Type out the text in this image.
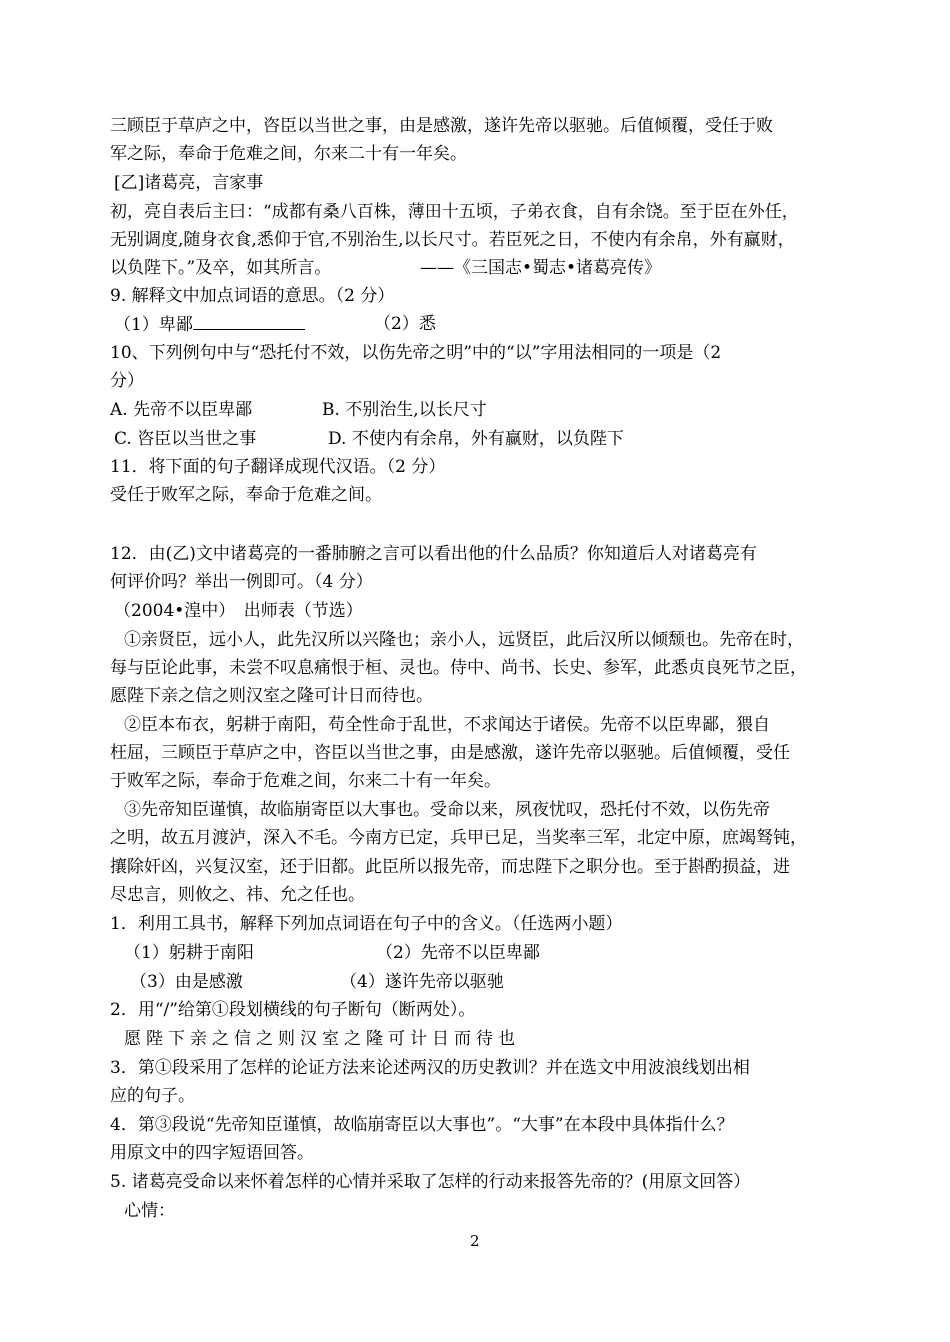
三顾臣于草庐之中，咨臣以当世之事，由是感激，遂许先帝以驱驰。后值倾覆，受任于败
军之际，奉命于危难之间，尔来二十有一年矣。
[乙]诸葛亮，言家事
初，亮自表后主曰：“成都有桑八百株，薄田十五顷，子弟衣食，自有余饶。至于臣在外任，
无别调度,随身衣食,悉仰于官,不别治生,以长尺寸。若臣死之日，不使内有余帛，外有赢财，
以负陛下。”及卒，如其所言。	——《三国志•蜀志•诸葛亮传》
9. 解释文中加点词语的意思。（2 分）
（1）卑鄙	（2）悉
10、下列例句中与“恐托付不效，以伤先帝之明”中的“以”字用法相同的一项是（2
分）
A. 先帝不以臣卑鄙	B. 不别治生,以长尺寸
C. 咨臣以当世之事	D. 不使内有余帛，外有赢财，以负陛下
11．将下面的句子翻译成现代汉语。（2 分）
受任于败军之际，奉命于危难之间。
12．由(乙)文中诸葛亮的一番肺腑之言可以看出他的什么品质？你知道后人对诸葛亮有
何评价吗？举出一例即可。（4 分）
（2004•湟中）　出师表（节选）
①亲贤臣，远小人，此先汉所以兴隆也；亲小人，远贤臣，此后汉所以倾颓也。先帝在时，
每与臣论此事，未尝不叹息痛恨于桓、灵也。侍中、尚书、长史、参军，此悉贞良死节之臣，
愿陛下亲之信之则汉室之隆可计日而待也。
②臣本布衣，躬耕于南阳，苟全性命于乱世，不求闻达于诸侯。先帝不以臣卑鄙，猥自
枉屈，三顾臣于草庐之中，咨臣以当世之事，由是感激，遂许先帝以驱驰。后值倾覆，受任
于败军之际，奉命于危难之间，尔来二十有一年矣。
③先帝知臣谨慎，故临崩寄臣以大事也。受命以来，夙夜忧叹，恐托付不效，以伤先帝
之明，故五月渡泸，深入不毛。今南方已定，兵甲已足，当奖率三军，北定中原，庶竭驽钝，
攘除奸凶，兴复汉室，还于旧都。此臣所以报先帝，而忠陛下之职分也。至于斟酌损益，进
尽忠言，则攸之、祎、允之任也。
1．利用工具书，解释下列加点词语在句子中的含义。（任选两小题）
（1）躬耕于南阳	（2）先帝不以臣卑鄙
（3）由是感激	（4）遂许先帝以驱驰
2．用“/”给第①段划横线的句子断句（断两处）。
愿陛下亲之信之则汉室之隆可计日而待也
3．第①段采用了怎样的论证方法来论述两汉的历史教训？并在选文中用波浪线划出相
应的句子。
4．第③段说“先帝知臣谨慎，故临崩寄臣以大事也”。“大事”在本段中具体指什么？
用原文中的四字短语回答。
5. 诸葛亮受命以来怀着怎样的心情并采取了怎样的行动来报答先帝的？(用原文回答）
心情：
2
